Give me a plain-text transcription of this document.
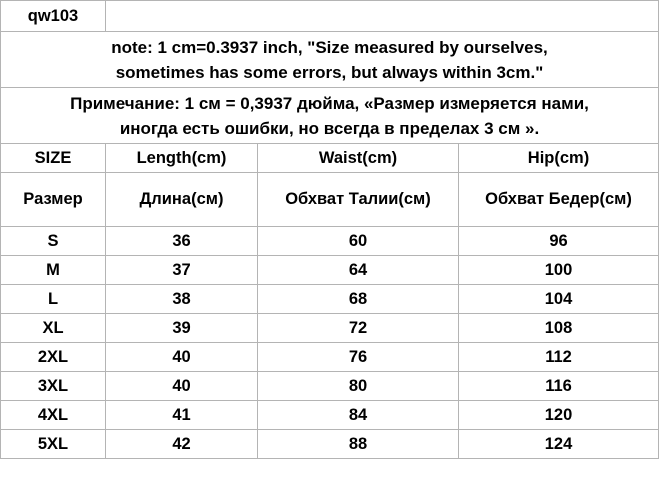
qw103			

note: 1 cm=0.3937 inch, "Size measured by ourselves,
sometimes has some errors, but always within 3cm."			

Примечание: 1 см = 0,3937 дюйма, «Размер измеряется нами,
иногда есть ошибки, но всегда в пределах 3 см ».			

SIZE	Length(cm)	Waist(cm)	Hip(cm)
Размер	Длина(см)	Обхват Талии(см)	Обхват Бедер(см)
S	36	60	96
M	37	64	100
L	38	68	104
XL	39	72	108
2XL	40	76	112
3XL	40	80	116
4XL	41	84	120
5XL	42	88	124
